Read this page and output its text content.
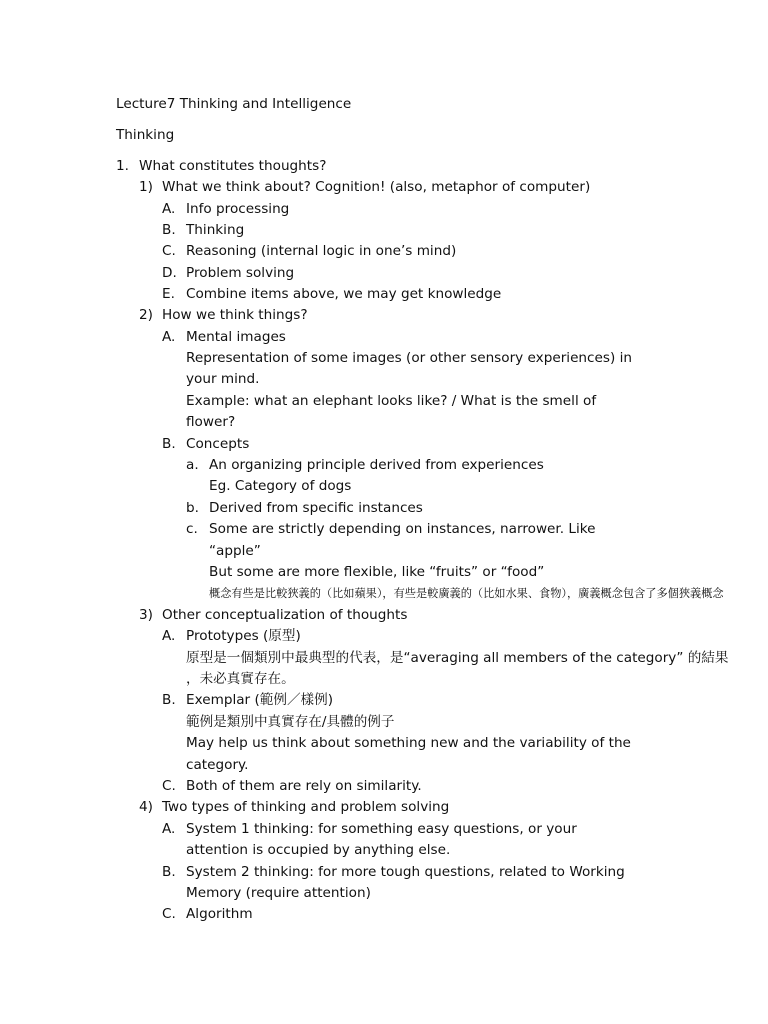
Lecture7 Thinking and Intelligence
Thinking
1. What constitutes thoughts?
1) What we think about? Cognition! (also, metaphor of computer)
A. Info processing
B. Thinking
C. Reasoning (internal logic in one’s mind)
D. Problem solving
E. Combine items above, we may get knowledge
2) How we think things?
A. Mental images
Representation of some images (or other sensory experiences) in
your mind.
Example: what an elephant looks like? / What is the smell of
flower?
B. Concepts
a. An organizing principle derived from experiences
Eg. Category of dogs
b. Derived from specific instances
c. Some are strictly depending on instances, narrower. Like
“apple”
But some are more flexible, like “fruits” or “food”
概念有些是比較狹義的（比如蘋果），有些是較廣義的（比如水果、食物），廣義概念包含了多個狹義概念
3) Other conceptualization of thoughts
A. Prototypes (原型)
原型是一個類別中最典型的代表，是“averaging all members of the category” 的結果
，未必真實存在。
B. Exemplar (範例／樣例)
範例是類別中真實存在/具體的例子
May help us think about something new and the variability of the
category.
C. Both of them are rely on similarity.
4) Two types of thinking and problem solving
A. System 1 thinking: for something easy questions, or your
attention is occupied by anything else.
B. System 2 thinking: for more tough questions, related to Working
Memory (require attention)
C. Algorithm
